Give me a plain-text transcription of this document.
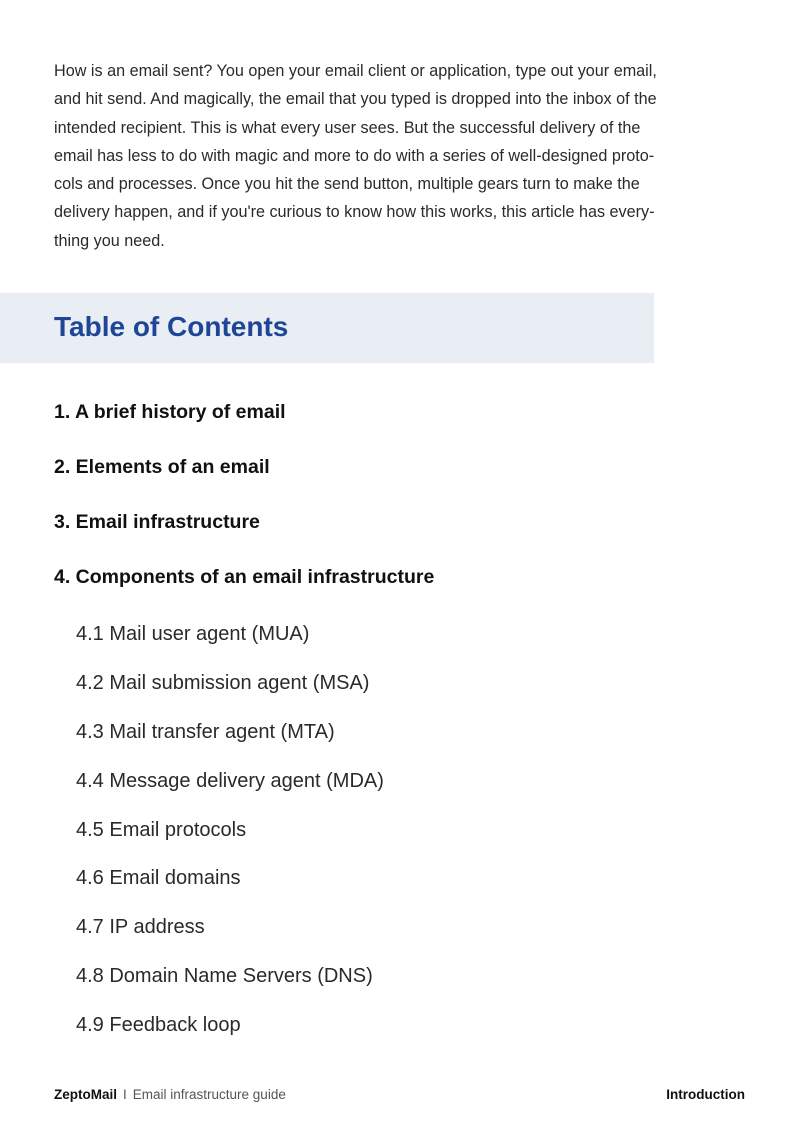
How is an email sent? You open your email client or application, type out your email,
and hit send. And magically, the email that you typed is dropped into the inbox of the
intended recipient. This is what every user sees. But the successful delivery of the
email has less to do with magic and more to do with a series of well-designed proto-
cols and processes. Once you hit the send button, multiple gears turn to make the
delivery happen, and if you're curious to know how this works, this article has every-
thing you need.

Table of Contents
1. A brief history of email
2. Elements of an email
3. Email infrastructure
4. Components of an email infrastructure
4.1 Mail user agent (MUA)
4.2 Mail submission agent (MSA)
4.3 Mail transfer agent (MTA)
4.4 Message delivery agent (MDA)
4.5 Email protocols
4.6 Email domains
4.7 IP address
4.8 Domain Name Servers (DNS)
4.9 Feedback loop
ZeptoMail I Email infrastructure guide	Introduction
